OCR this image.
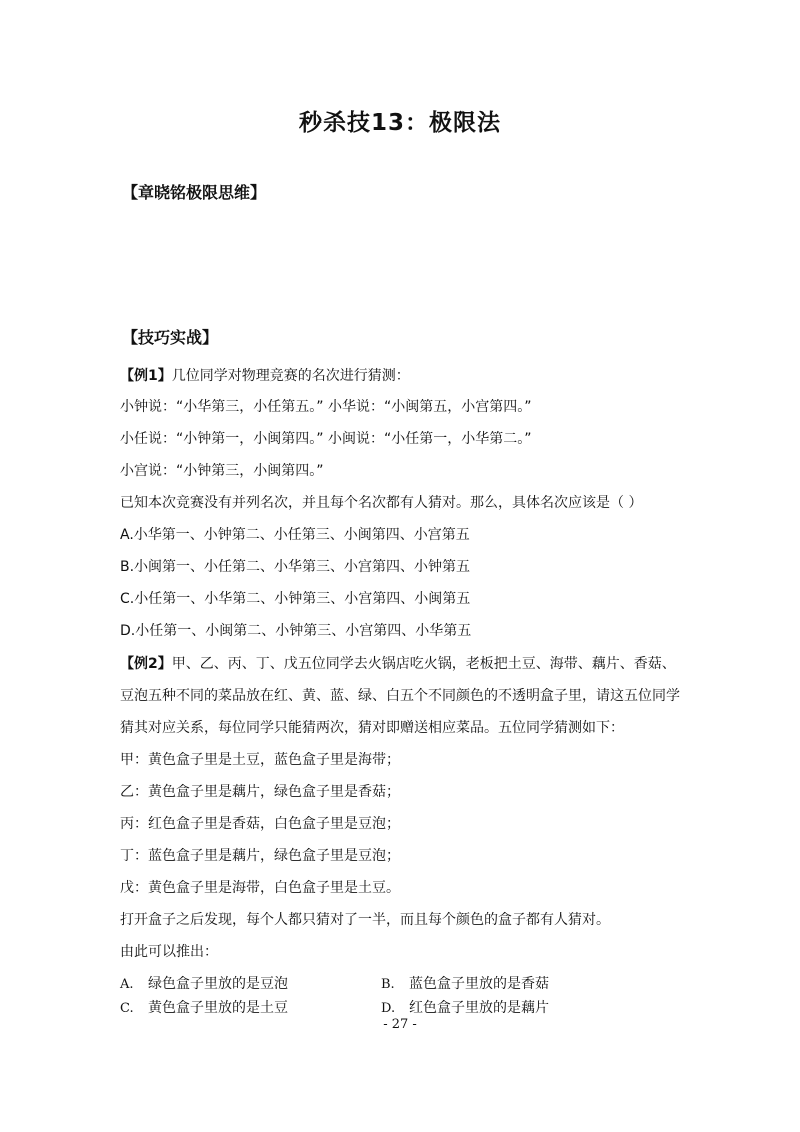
秒杀技13：极限法
【章晓铭极限思维】
【技巧实战】
【例1】几位同学对物理竞赛的名次进行猜测：
小钟说：“小华第三，小任第五。” 小华说：“小闽第五，小宫第四。”
小任说：“小钟第一，小闽第四。” 小闽说：“小任第一，小华第二。”
小宫说：“小钟第三，小闽第四。”
已知本次竞赛没有并列名次，并且每个名次都有人猜对。那么，具体名次应该是（ ）
A.小华第一、小钟第二、小任第三、小闽第四、小宫第五
B.小闽第一、小任第二、小华第三、小宫第四、小钟第五
C.小任第一、小华第二、小钟第三、小宫第四、小闽第五
D.小任第一、小闽第二、小钟第三、小宫第四、小华第五
【例2】甲、乙、丙、丁、戊五位同学去火锅店吃火锅，老板把土豆、海带、藕片、香菇、
豆泡五种不同的菜品放在红、黄、蓝、绿、白五个不同颜色的不透明盒子里，请这五位同学
猜其对应关系，每位同学只能猜两次，猜对即赠送相应菜品。五位同学猜测如下：
甲：黄色盒子里是土豆，蓝色盒子里是海带；
乙：黄色盒子里是藕片，绿色盒子里是香菇；
丙：红色盒子里是香菇，白色盒子里是豆泡；
丁：蓝色盒子里是藕片，绿色盒子里是豆泡；
戊：黄色盒子里是海带，白色盒子里是土豆。
打开盒子之后发现，每个人都只猜对了一半，而且每个颜色的盒子都有人猜对。
由此可以推出：
A. 绿色盒子里放的是豆泡	B. 蓝色盒子里放的是香菇
C. 黄色盒子里放的是土豆	D. 红色盒子里放的是藕片
- 27 -
